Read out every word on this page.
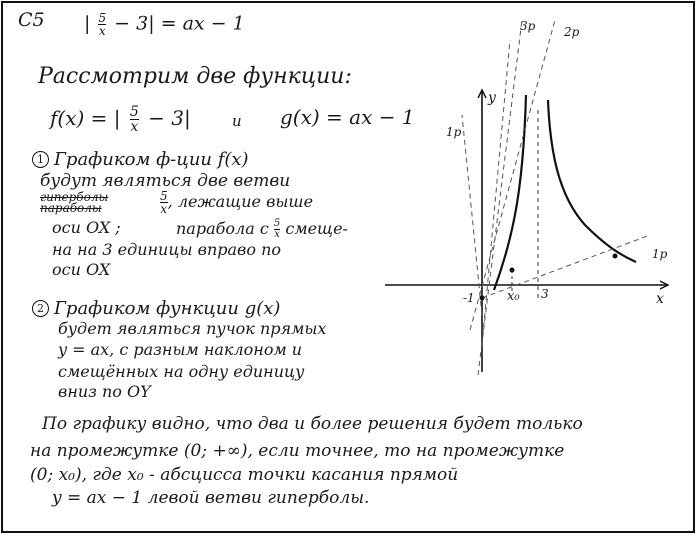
C5 | $\frac{5}{x} - 3|$ = ax − 1
Рассмотрим две функции:
f(x) = | $\frac{5}{x} - 3|$	и g(x) = ax − 1
1 Графиком ф-ции f(x)
будут являться две ветви
гиперболы
параболы	$\frac{5}{x}$ , лежащие выше
оси OX ;	парабола с $\frac{5}{x}$ смеще-
на на 3 единицы вправо по
оси OX
2 Графиком функции g(x)
будет являться пучок прямых
y = ax, с разным наклоном и
смещённых на одну единицу
вниз по OY
По графику видно, что два и более решения будет только
на промежутке (0; +∞), если точнее, то на промежутке
(0; x₀), где x₀ - абсцисса точки касания прямой
y = ax − 1 левой ветви гиперболы.
y
x
-1 x₀ 3
1p
1p
3p 2p
